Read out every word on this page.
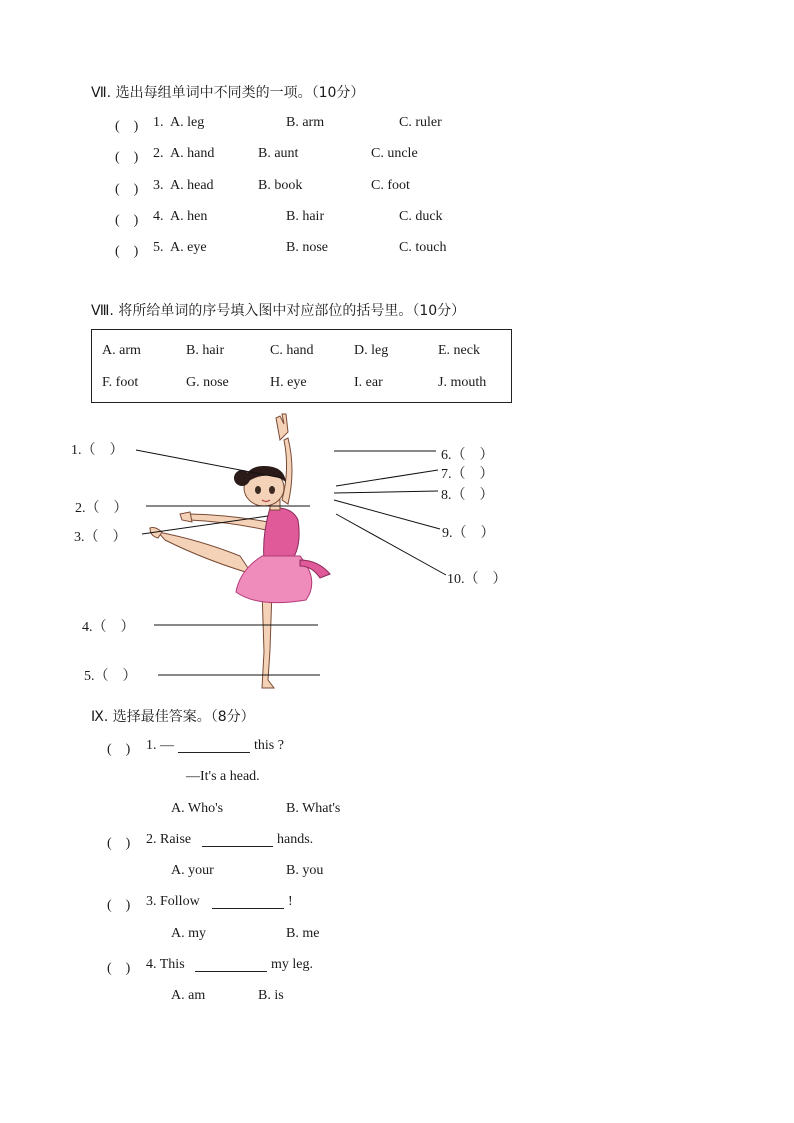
Ⅶ. 选出每组单词中不同类的一项。（10分）
(　) 1. A. leg	B. arm	C. ruler
(　) 2. A. hand	B. aunt	C. uncle
(　) 3. A. head	B. book	C. foot
(　) 4. A. hen	B. hair	C. duck
(　) 5. A. eye	B. nose	C. touch
Ⅷ. 将所给单词的序号填入图中对应部位的括号里。（10分）
A. arm	B. hair	C. hand	D. leg	E. neck
F. foot	G. nose	H. eye	I. ear	J. mouth
1.（　）
2.（　）
3.（　）
4.（　）
5.（　）
6.（　）
7.（　）
8.（　）
9.（　）
10.（　）
Ⅸ. 选择最佳答案。（8分）
(　) 1. —	this ?
—It's a head.
A. Who's	B. What's
(　) 2. Raise	hands.
A. your	B. you
(　) 3. Follow	!
A. my	B. me
(　) 4. This	my leg.
A. am	B. is
